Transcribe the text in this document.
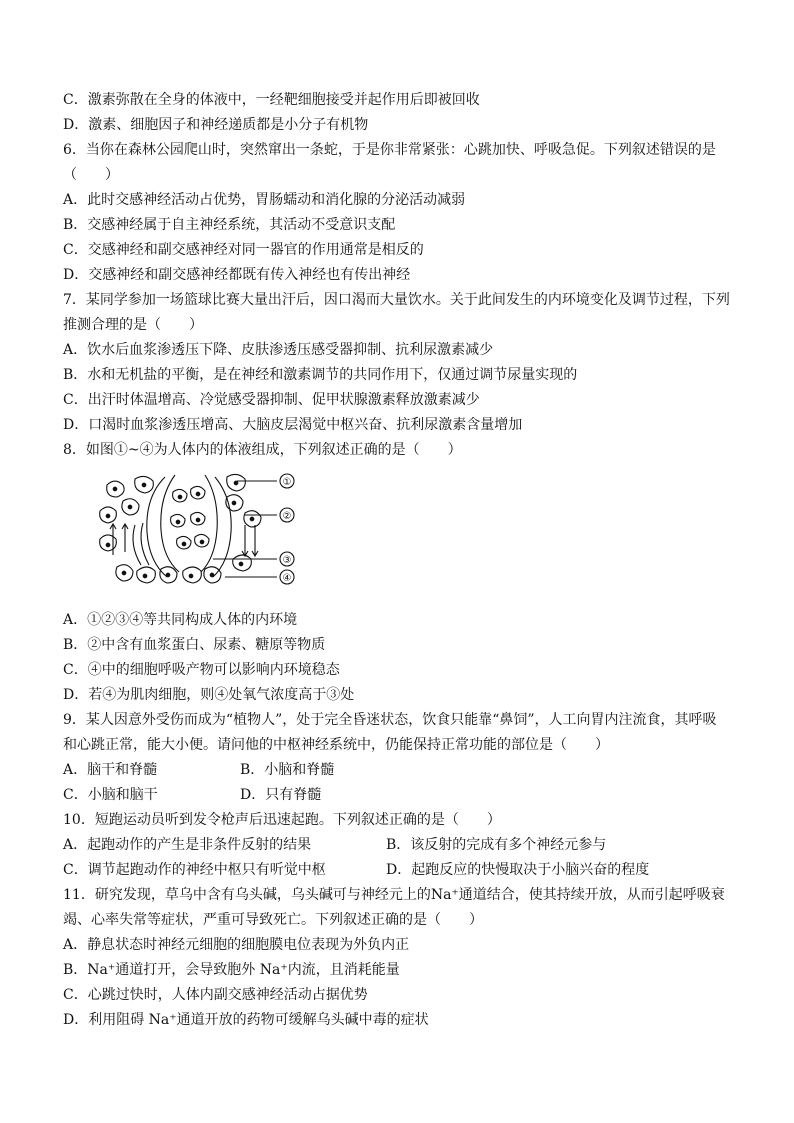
C．激素弥散在全身的体液中，一经靶细胞接受并起作用后即被回收
D．激素、细胞因子和神经递质都是小分子有机物
6．当你在森林公园爬山时，突然窜出一条蛇，于是你非常紧张：心跳加快、呼吸急促。下列叙述错误的是
（　　）
A．此时交感神经活动占优势，胃肠蠕动和消化腺的分泌活动减弱
B．交感神经属于自主神经系统，其活动不受意识支配
C．交感神经和副交感神经对同一器官的作用通常是相反的
D．交感神经和副交感神经都既有传入神经也有传出神经
7．某同学参加一场篮球比赛大量出汗后，因口渴而大量饮水。关于此间发生的内环境变化及调节过程，下列
推测合理的是（　　）
A．饮水后血浆渗透压下降、皮肤渗透压感受器抑制、抗利尿激素减少
B．水和无机盐的平衡，是在神经和激素调节的共同作用下，仅通过调节尿量实现的
C．出汗时体温增高、冷觉感受器抑制、促甲状腺激素释放激素减少
D．口渴时血浆渗透压增高、大脑皮层渴觉中枢兴奋、抗利尿激素含量增加
8．如图①~④为人体内的体液组成，下列叙述正确的是（　　）
①
②
③
④
A．①②③④等共同构成人体的内环境
B．②中含有血浆蛋白、尿素、糖原等物质
C．④中的细胞呼吸产物可以影响内环境稳态
D．若④为肌肉细胞，则④处氧气浓度高于③处
9．某人因意外受伤而成为“植物人”，处于完全昏迷状态，饮食只能靠“鼻饲”，人工向胃内注流食，其呼吸
和心跳正常，能大小便。请问他的中枢神经系统中，仍能保持正常功能的部位是（　　）
A．脑干和脊髓	B．小脑和脊髓
C．小脑和脑干	D．只有脊髓
10．短跑运动员听到发令枪声后迅速起跑。下列叙述正确的是（　　）
A．起跑动作的产生是非条件反射的结果	B．该反射的完成有多个神经元参与
C．调节起跑动作的神经中枢只有听觉中枢	D．起跑反应的快慢取决于小脑兴奋的程度
11．研究发现，草乌中含有乌头碱，乌头碱可与神经元上的Na⁺通道结合，使其持续开放，从而引起呼吸衰
竭、心率失常等症状，严重可导致死亡。下列叙述正确的是（　　）
A．静息状态时神经元细胞的细胞膜电位表现为外负内正
B．Na⁺通道打开，会导致胞外 Na⁺内流，且消耗能量
C．心跳过快时，人体内副交感神经活动占据优势
D．利用阻碍 Na⁺通道开放的药物可缓解乌头碱中毒的症状
